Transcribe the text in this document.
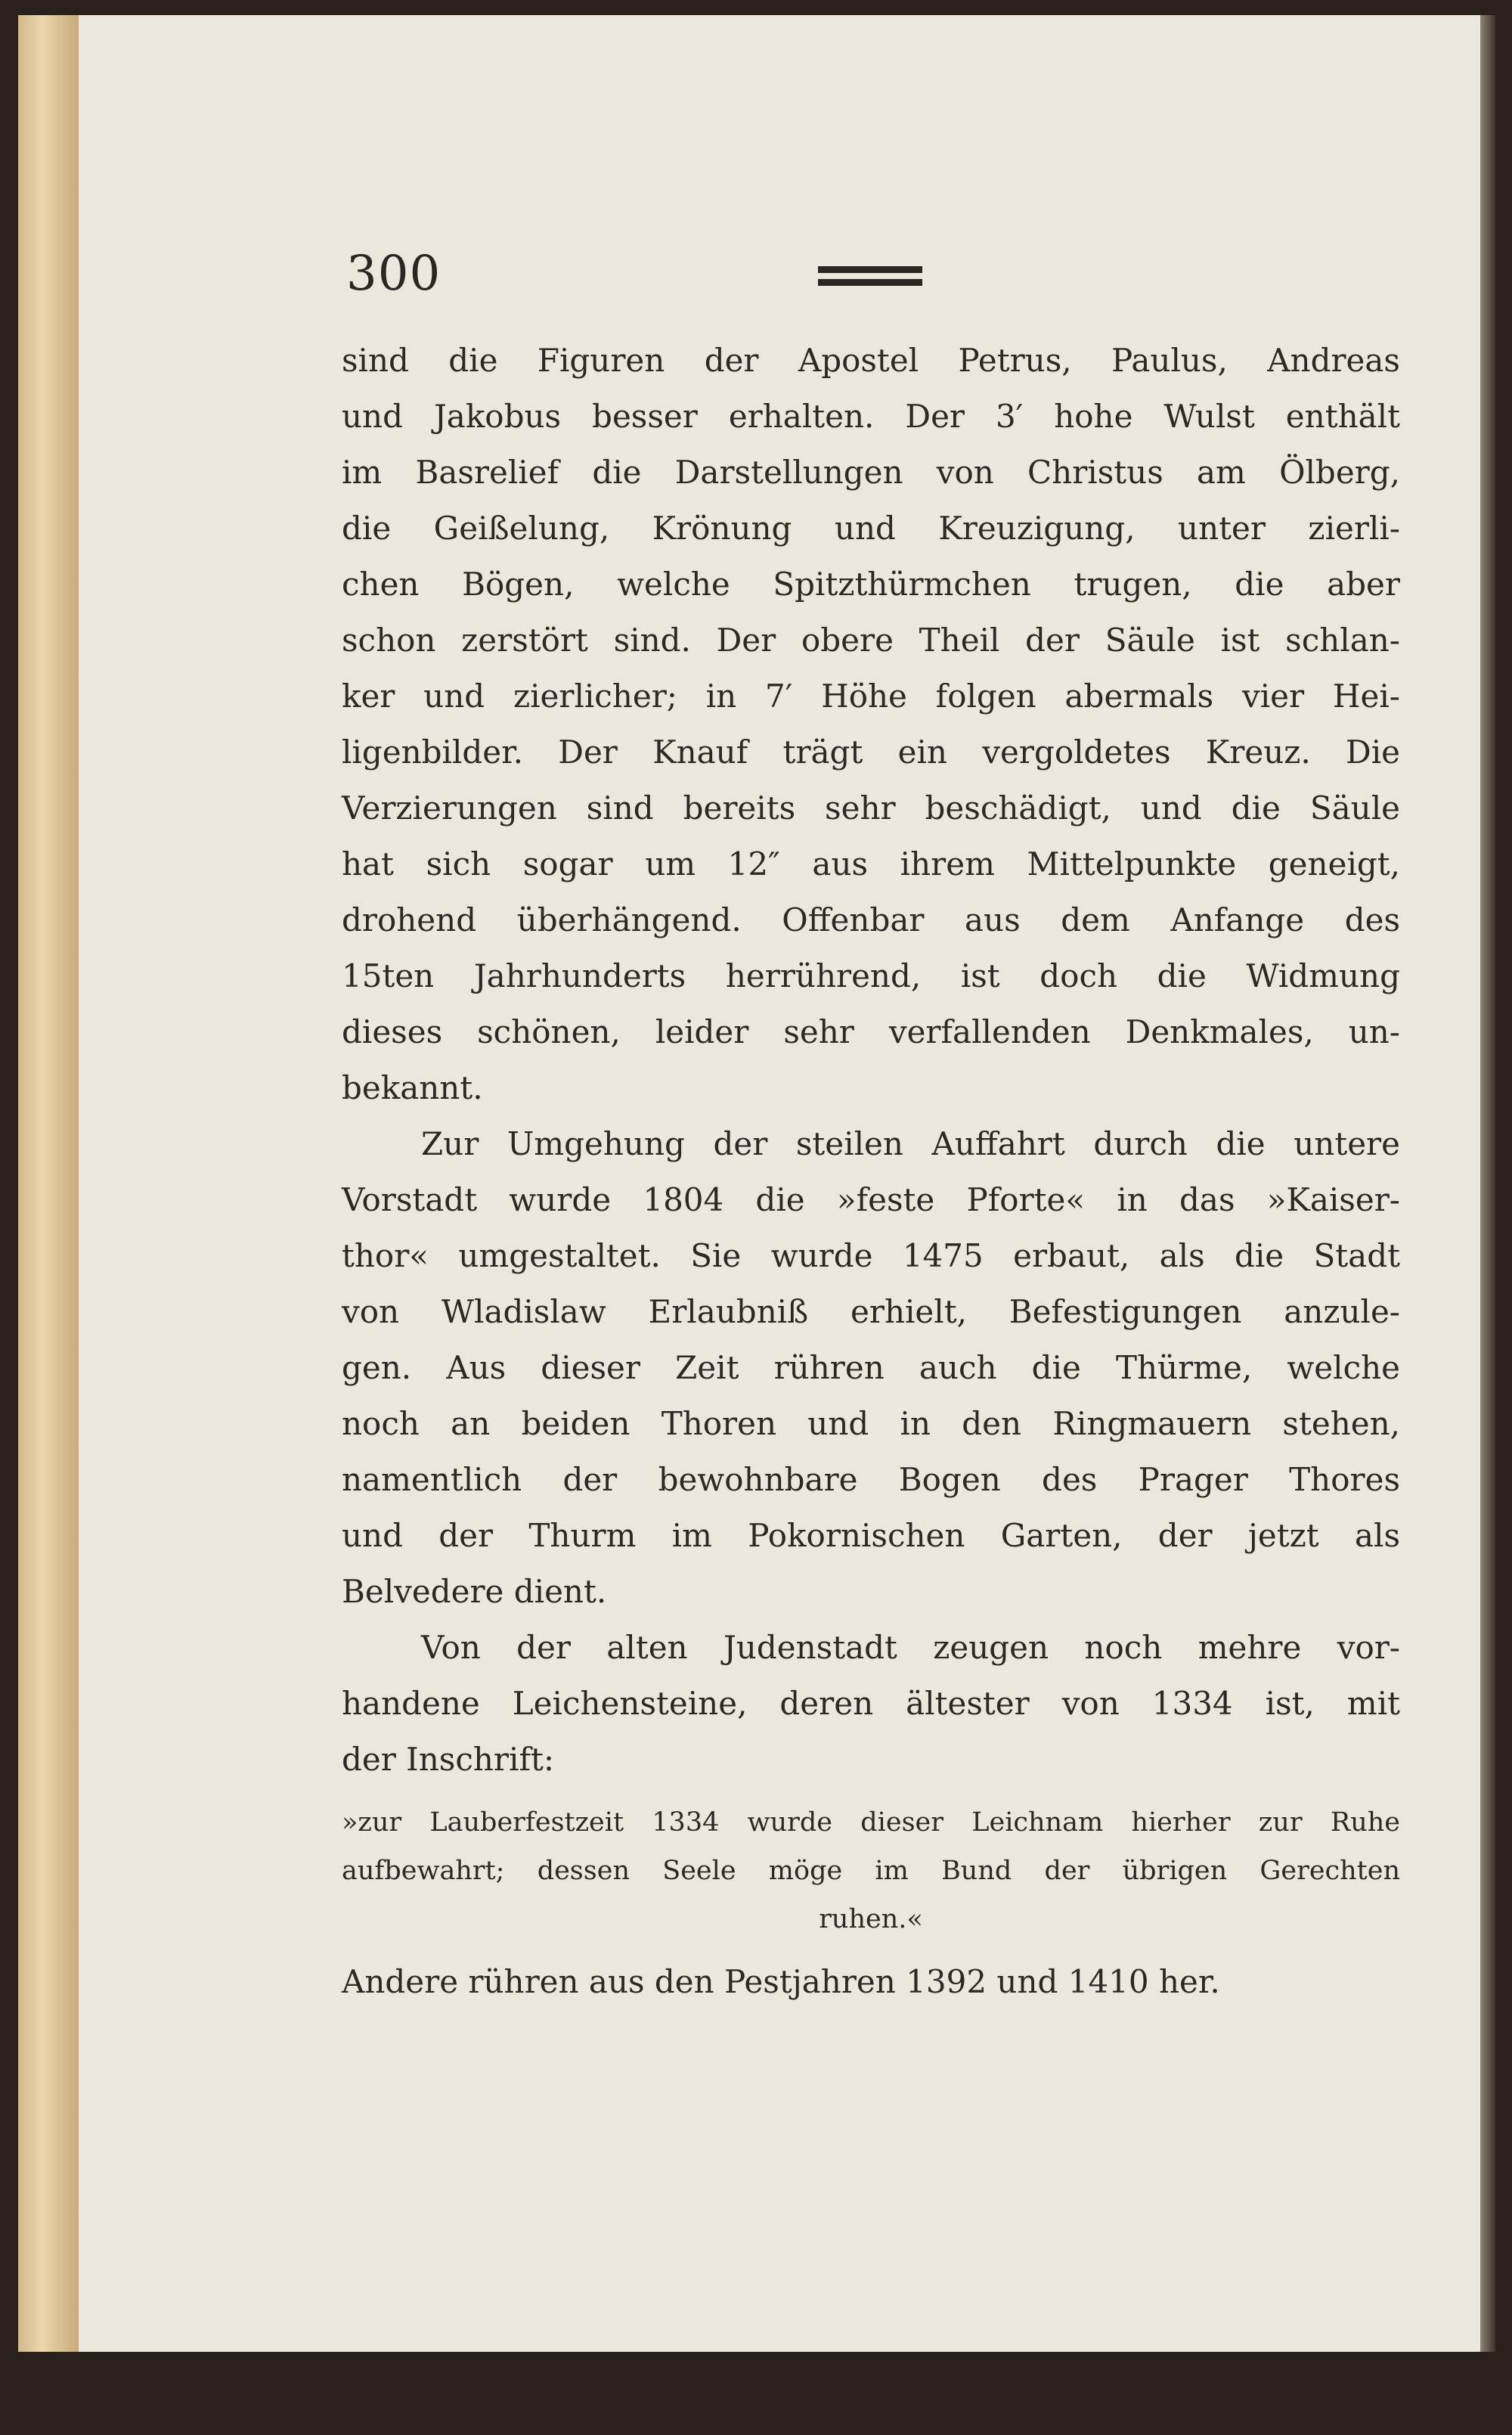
300
sind die Figuren der Apostel Petrus, Paulus, Andreas
und Jakobus besser erhalten. Der 3′ hohe Wulst enthält
im Basrelief die Darstellungen von Christus am Ölberg,
die Geißelung, Krönung und Kreuzigung, unter zierli-
chen Bögen, welche Spitzthürmchen trugen, die aber
schon zerstört sind. Der obere Theil der Säule ist schlan-
ker und zierlicher; in 7′ Höhe folgen abermals vier Hei-
ligenbilder. Der Knauf trägt ein vergoldetes Kreuz. Die
Verzierungen sind bereits sehr beschädigt, und die Säule
hat sich sogar um 12″ aus ihrem Mittelpunkte geneigt,
drohend überhängend. Offenbar aus dem Anfange des
15ten Jahrhunderts herrührend, ist doch die Widmung
dieses schönen, leider sehr verfallenden Denkmales, un-
bekannt.
Zur Umgehung der steilen Auffahrt durch die untere
Vorstadt wurde 1804 die »feste Pforte« in das »Kaiser-
thor« umgestaltet. Sie wurde 1475 erbaut, als die Stadt
von Wladislaw Erlaubniß erhielt, Befestigungen anzule-
gen. Aus dieser Zeit rühren auch die Thürme, welche
noch an beiden Thoren und in den Ringmauern stehen,
namentlich der bewohnbare Bogen des Prager Thores
und der Thurm im Pokornischen Garten, der jetzt als
Belvedere dient.
Von der alten Judenstadt zeugen noch mehre vor-
handene Leichensteine, deren ältester von 1334 ist, mit
der Inschrift:
»zur Lauberfestzeit 1334 wurde dieser Leichnam hierher zur Ruhe
aufbewahrt; dessen Seele möge im Bund der übrigen Gerechten
ruhen.«
Andere rühren aus den Pestjahren 1392 und 1410 her.
